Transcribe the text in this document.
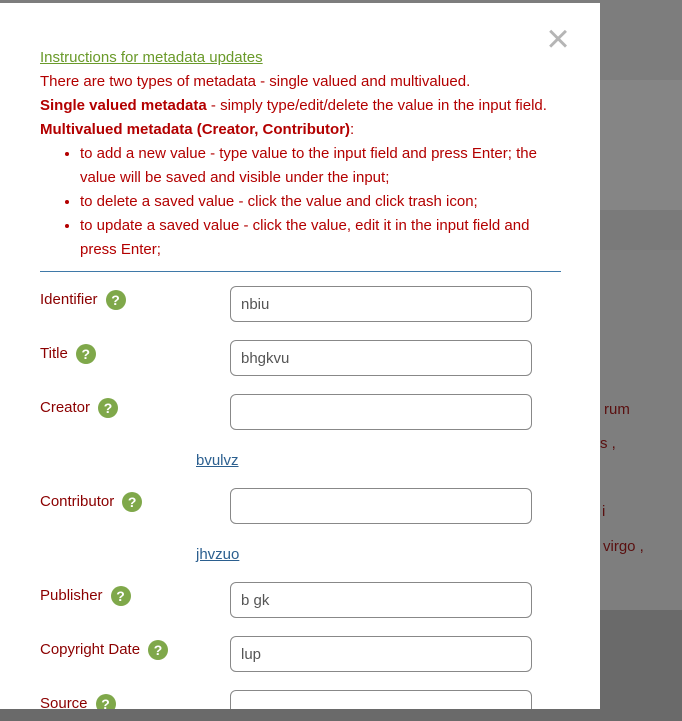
rum
s ,
i
virgo ,
×
Instructions for metadata updates
There are two types of metadata - single valued and multivalued.
Single valued metadata - simply type/edit/delete the value in the input field.
Multivalued metadata (Creator, Contributor):
• to add a new value - type value to the input field and press Enter; the value will be saved and visible under the input;
• to delete a saved value - click the value and click trash icon;
• to update a saved value - click the value, edit it in the input field and press Enter;
Identifier ?
nbiu
Title ?
bhgkvu
Creator ?
bvulvz
Contributor ?
jhvzuo
Publisher ?
b gk
Copyright Date ?
lup
Source ?
